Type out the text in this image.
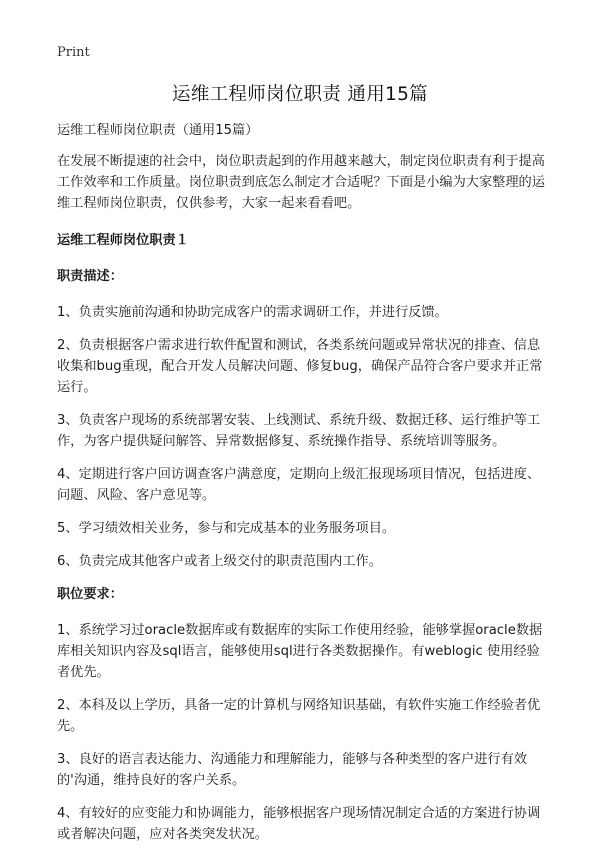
Print

运维工程师岗位职责 通用15篇

运维工程师岗位职责（通用15篇）

在发展不断提速的社会中，岗位职责起到的作用越来越大，制定岗位职责有利于提高工作效率和工作质量。岗位职责到底怎么制定才合适呢？下面是小编为大家整理的运维工程师岗位职责，仅供参考，大家一起来看看吧。

运维工程师岗位职责１

职责描述：

1、负责实施前沟通和协助完成客户的需求调研工作，并进行反馈。

2、负责根据客户需求进行软件配置和测试，各类系统问题或异常状况的排查、信息收集和bug重现，配合开发人员解决问题、修复bug，确保产品符合客户要求并正常运行。

3、负责客户现场的系统部署安装、上线测试、系统升级、数据迁移、运行维护等工作，为客户提供疑问解答、异常数据修复、系统操作指导、系统培训等服务。

4、定期进行客户回访调查客户满意度，定期向上级汇报现场项目情况，包括进度、问题、风险、客户意见等。

5、学习绩效相关业务，参与和完成基本的业务服务项目。

6、负责完成其他客户或者上级交付的职责范围内工作。

职位要求：

1、系统学习过oracle数据库或有数据库的实际工作使用经验，能够掌握oracle数据库相关知识内容及sql语言，能够使用sql进行各类数据操作。有weblogic 使用经验者优先。

2、本科及以上学历，具备一定的计算机与网络知识基础，有软件实施工作经验者优先。

3、良好的语言表达能力、沟通能力和理解能力，能够与各种类型的客户进行有效的'沟通，维持良好的客户关系。

4、有较好的应变能力和协调能力，能够根据客户现场情况制定合适的方案进行协调或者解决问题，应对各类突发状况。
